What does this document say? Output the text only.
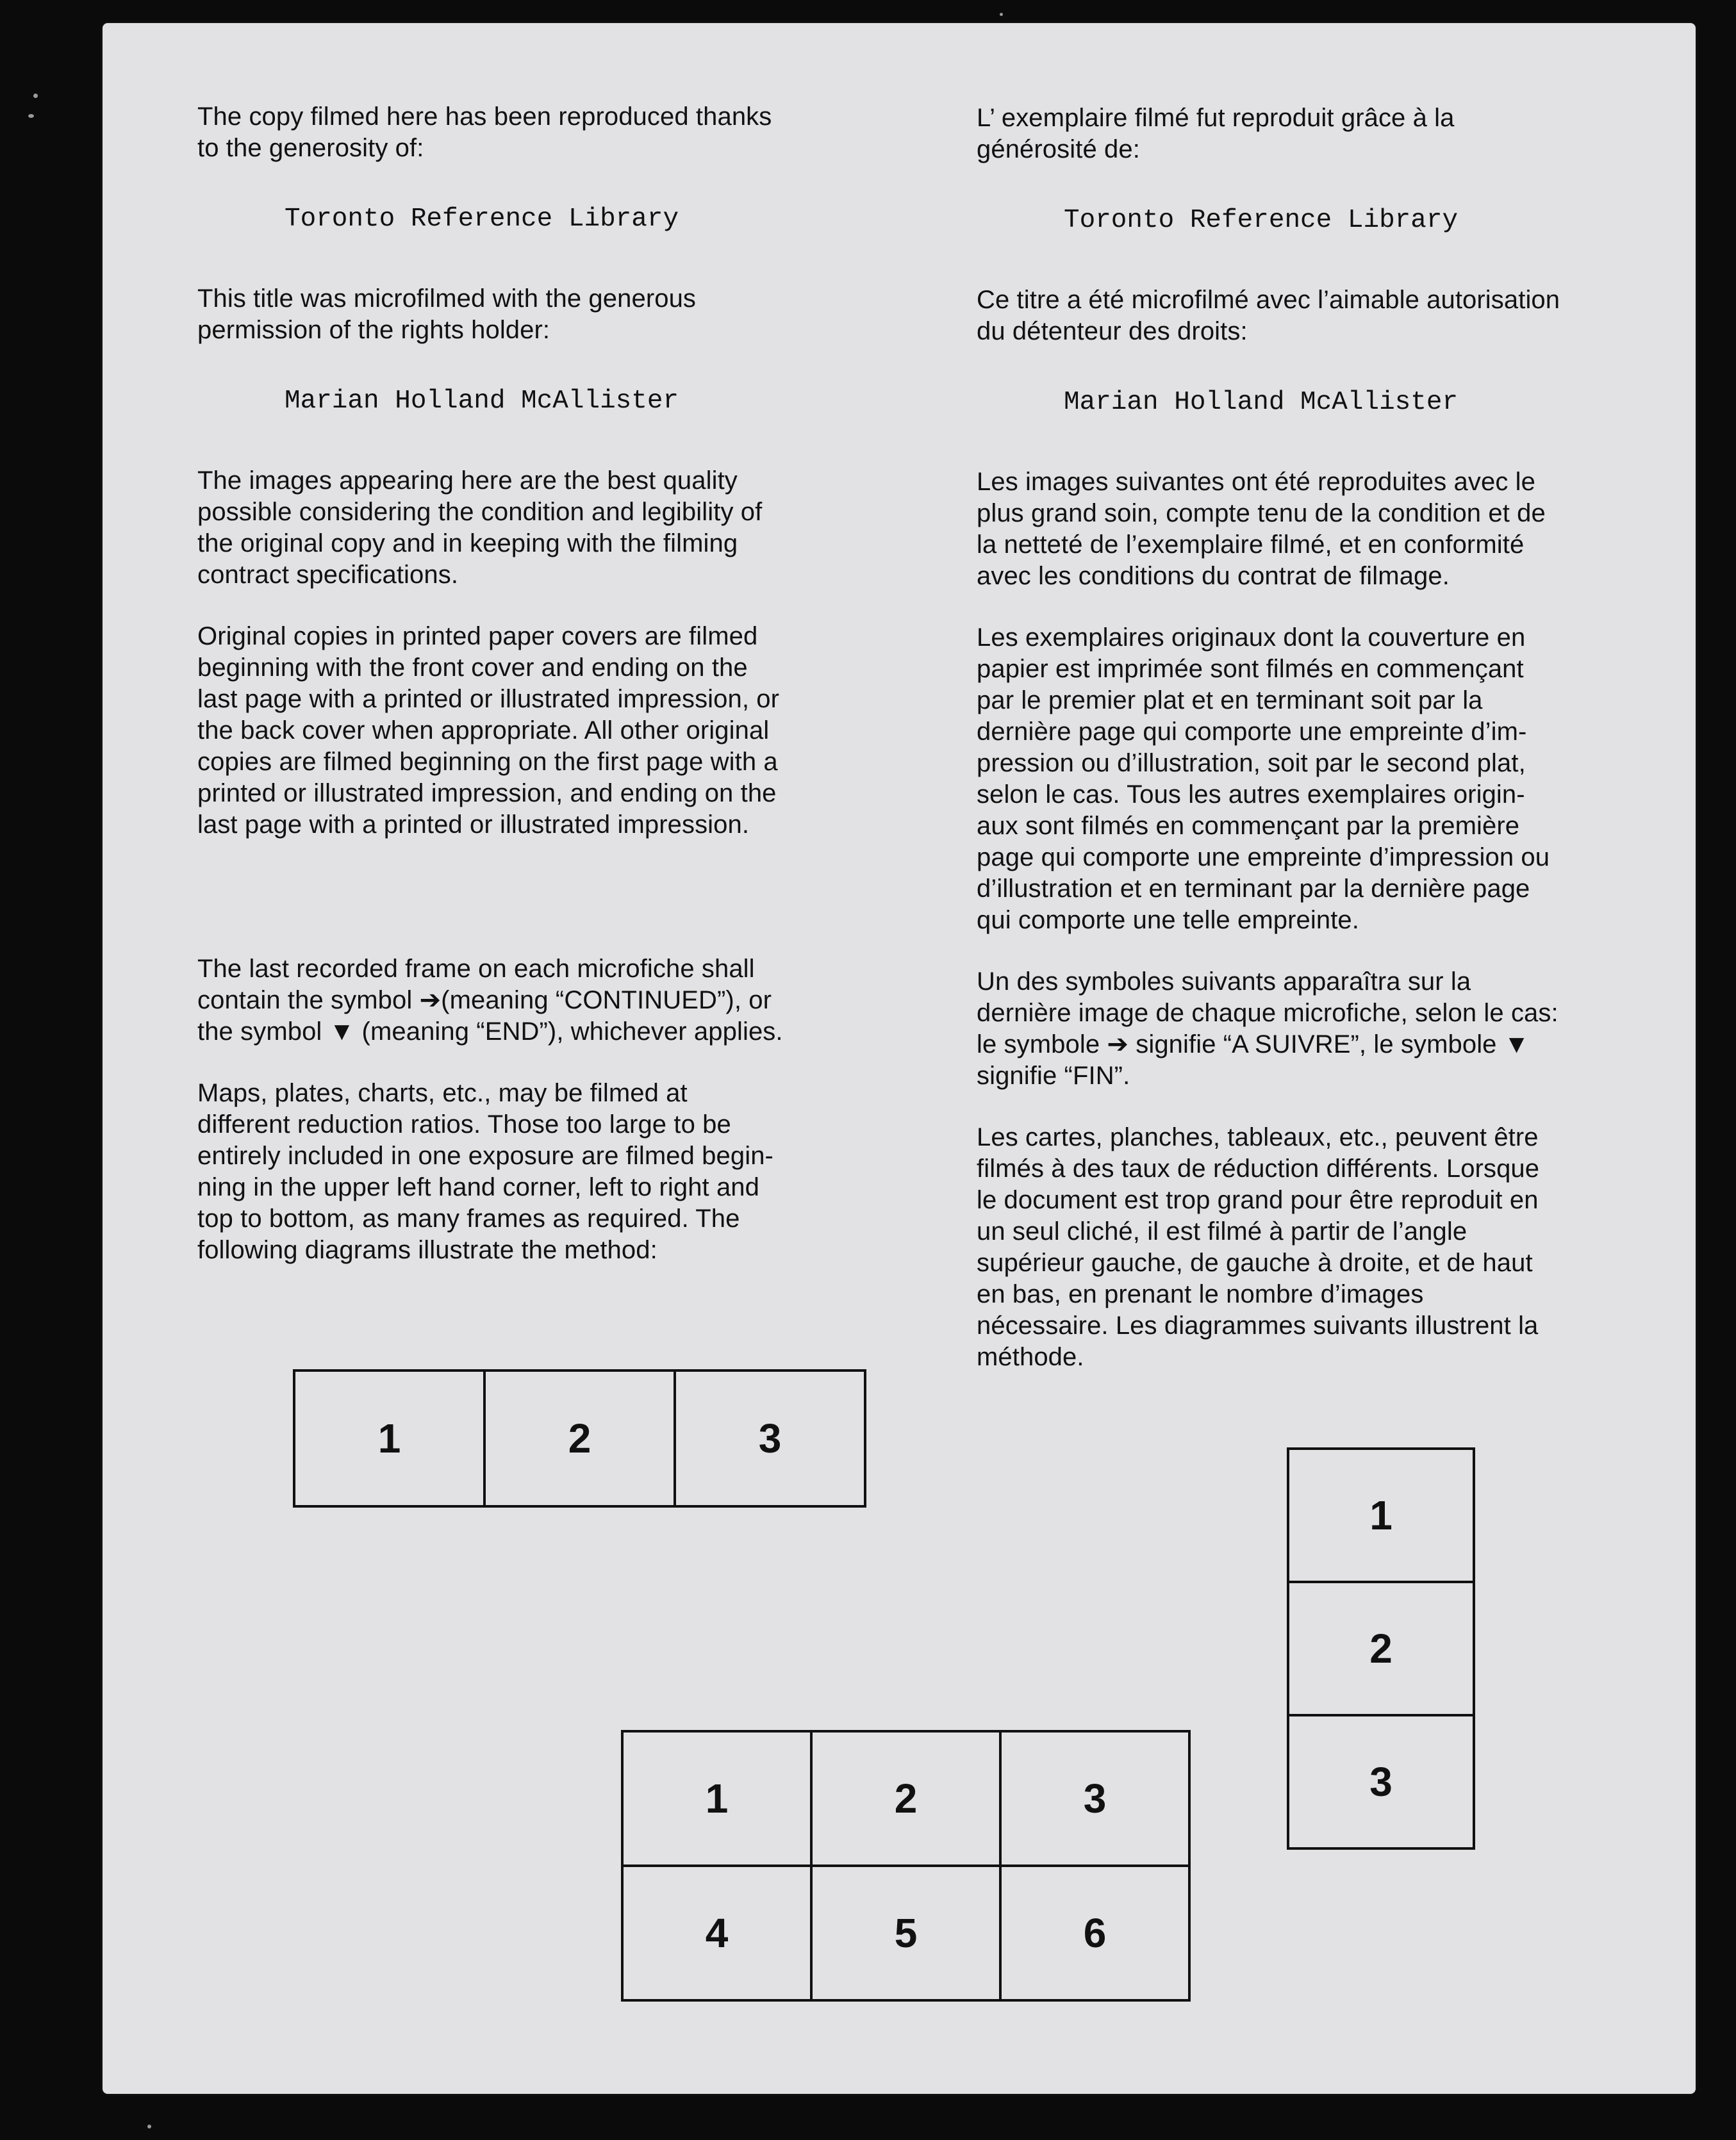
The copy filmed here has been reproduced thanks
to the generosity of:

Toronto Reference Library

This title was microfilmed with the generous
permission of the rights holder:

Marian Holland McAllister

The images appearing here are the best quality
possible considering the condition and legibility of
the original copy and in keeping with the filming
contract specifications.

Original copies in printed paper covers are filmed
beginning with the front cover and ending on the
last page with a printed or illustrated impression, or
the back cover when appropriate. All other original
copies are filmed beginning on the first page with a
printed or illustrated impression, and ending on the
last page with a printed or illustrated impression.

The last recorded frame on each microfiche shall
contain the symbol ➔(meaning “CONTINUED”), or
the symbol ▼ (meaning “END”), whichever applies.

Maps, plates, charts, etc., may be filmed at
different reduction ratios. Those too large to be
entirely included in one exposure are filmed begin-
ning in the upper left hand corner, left to right and
top to bottom, as many frames as required. The
following diagrams illustrate the method:

L’ exemplaire filmé fut reproduit grâce à la
générosité de:

Toronto Reference Library

Ce titre a été microfilmé avec l’aimable autorisation
du détenteur des droits:

Marian Holland McAllister

Les images suivantes ont été reproduites avec le
plus grand soin, compte tenu de la condition et de
la netteté de l’exemplaire filmé, et en conformité
avec les conditions du contrat de filmage.

Les exemplaires originaux dont la couverture en
papier est imprimée sont filmés en commençant
par le premier plat et en terminant soit par la
dernière page qui comporte une empreinte d’im-
pression ou d’illustration, soit par le second plat,
selon le cas. Tous les autres exemplaires origin-
aux sont filmés en commençant par la première
page qui comporte une empreinte d’impression ou
d’illustration et en terminant par la dernière page
qui comporte une telle empreinte.

Un des symboles suivants apparaîtra sur la
dernière image de chaque microfiche, selon le cas:
le symbole ➔ signifie “A SUIVRE”, le symbole ▼
signifie “FIN”.

Les cartes, planches, tableaux, etc., peuvent être
filmés à des taux de réduction différents. Lorsque
le document est trop grand pour être reproduit en
un seul cliché, il est filmé à partir de l’angle
supérieur gauche, de gauche à droite, et de haut
en bas, en prenant le nombre d’images
nécessaire. Les diagrammes suivants illustrent la
méthode.

1	2	3
1	2	3
4	5	6
1
2
3
